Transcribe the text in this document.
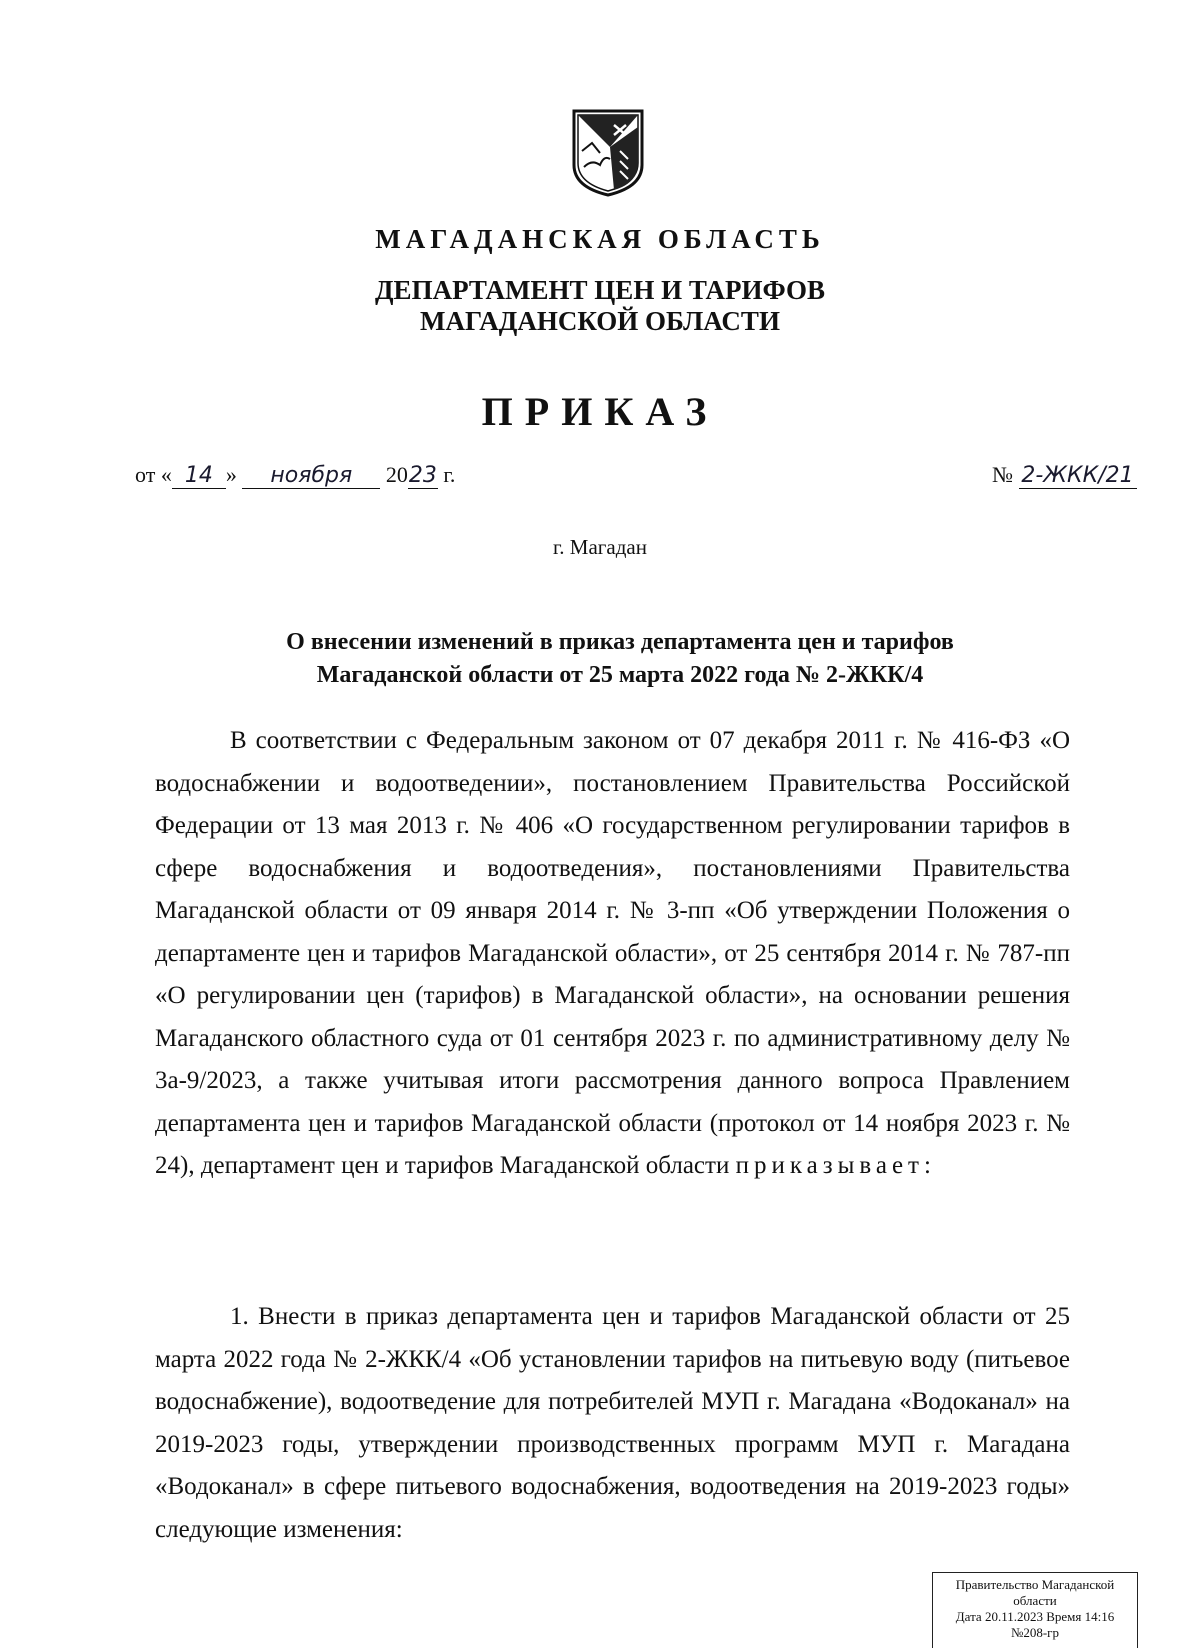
МАГАДАНСКАЯ ОБЛАСТЬ
ДЕПАРТАМЕНТ ЦЕН И ТАРИФОВ
МАГАДАНСКОЙ ОБЛАСТИ
ПРИКАЗ
от « 14 » ноября 2023 г.	№ 2-ЖКК/21
г. Магадан
О внесении изменений в приказ департамента цен и тарифов
Магаданской области от 25 марта 2022 года № 2-ЖКК/4
В соответствии с Федеральным законом от 07 декабря 2011 г. № 416-ФЗ «О водоснабжении и водоотведении», постановлением Правительства Российской Федерации от 13 мая 2013 г. № 406 «О государственном регулировании тарифов в сфере водоснабжения и водоотведения», постановлениями Правительства Магаданской области от 09 января 2014 г. № 3-пп «Об утверждении Положения о департаменте цен и тарифов Магаданской области», от 25 сентября 2014 г. № 787-пп «О регулировании цен (тарифов) в Магаданской области», на основании решения Магаданского областного суда от 01 сентября 2023 г. по административному делу № 3а-9/2023, а также учитывая итоги рассмотрения данного вопроса Правлением департамента цен и тарифов Магаданской области (протокол от 14 ноября 2023 г. № 24), департамент цен и тарифов Магаданской области приказывает:
1. Внести в приказ департамента цен и тарифов Магаданской области от 25 марта 2022 года № 2-ЖКК/4 «Об установлении тарифов на питьевую воду (питьевое водоснабжение), водоотведение для потребителей МУП г. Магадана «Водоканал» на 2019-2023 годы, утверждении производственных программ МУП г. Магадана «Водоканал» в сфере питьевого водоснабжения, водоотведения на 2019-2023 годы» следующие изменения:
Правительство Магаданской
области
Дата 20.11.2023 Время 14:16
№208-гр
